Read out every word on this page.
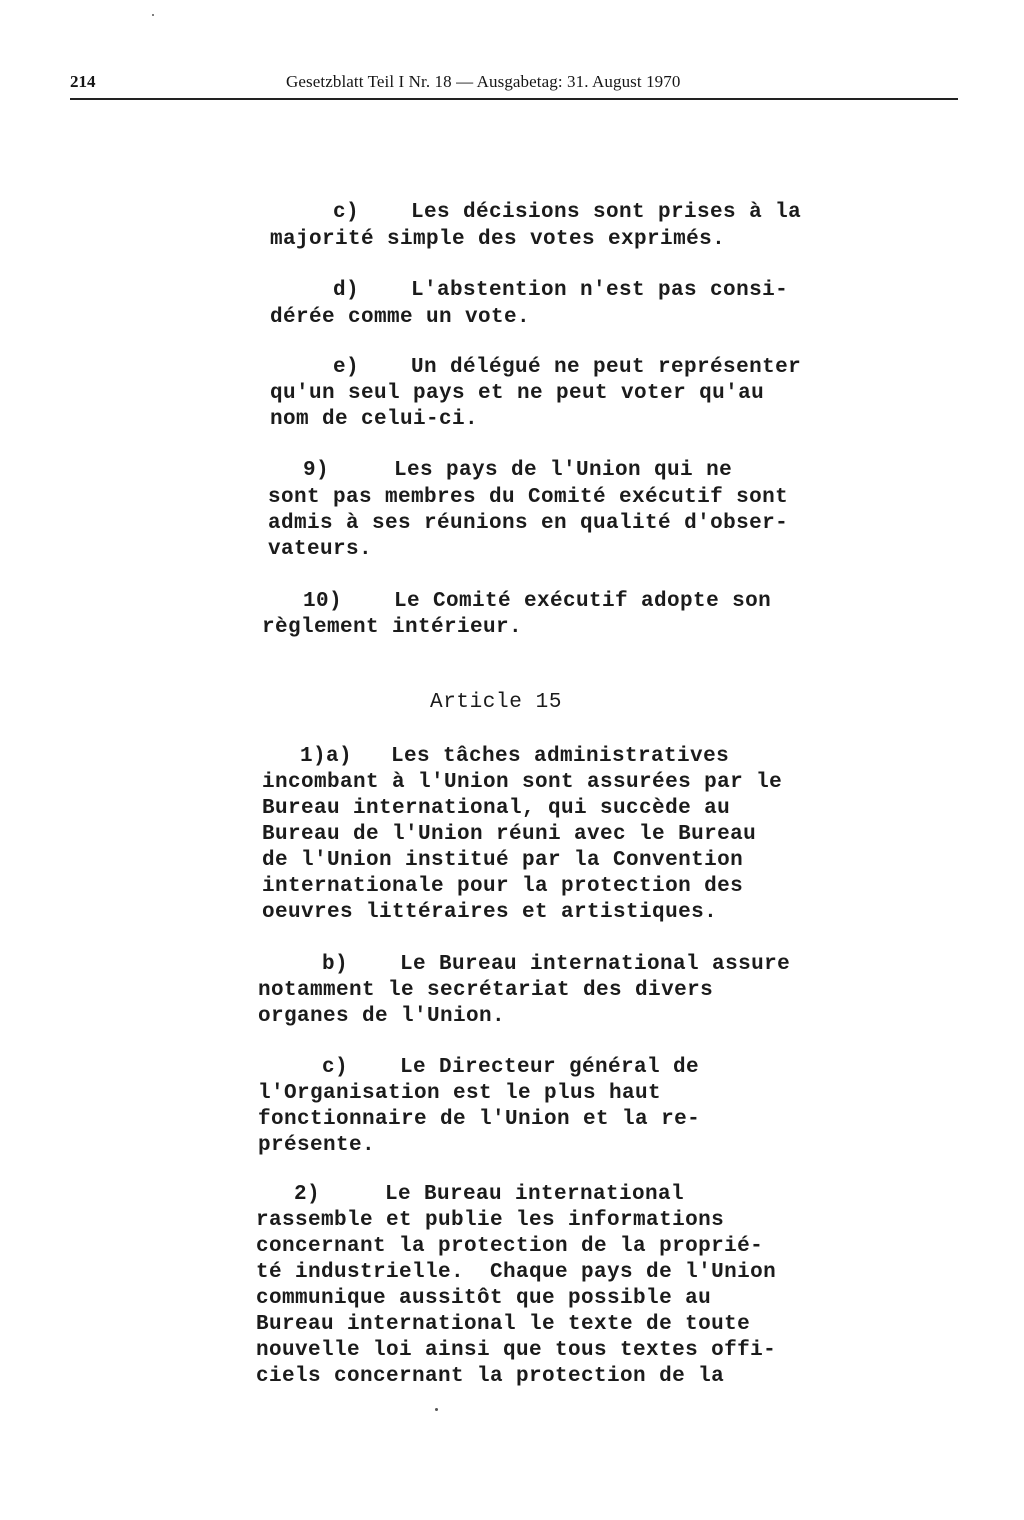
214	Gesetzblatt Teil I Nr. 18 — Ausgabetag: 31. August 1970
c)    Les décisions sont prises à la
majorité simple des votes exprimés.
d)    L'abstention n'est pas consi-
dérée comme un vote.
e)    Un délégué ne peut représenter
qu'un seul pays et ne peut voter qu'au
nom de celui-ci.
9)     Les pays de l'Union qui ne
sont pas membres du Comité exécutif sont
admis à ses réunions en qualité d'obser-
vateurs.
10)    Le Comité exécutif adopte son
règlement intérieur.
Article 15
1)a)   Les tâches administratives
incombant à l'Union sont assurées par le
Bureau international, qui succède au
Bureau de l'Union réuni avec le Bureau
de l'Union institué par la Convention
internationale pour la protection des
oeuvres littéraires et artistiques.
b)    Le Bureau international assure
notamment le secrétariat des divers
organes de l'Union.
c)    Le Directeur général de
l'Organisation est le plus haut
fonctionnaire de l'Union et la re-
présente.
2)     Le Bureau international
rassemble et publie les informations
concernant la protection de la proprié-
té industrielle.  Chaque pays de l'Union
communique aussitôt que possible au
Bureau international le texte de toute
nouvelle loi ainsi que tous textes offi-
ciels concernant la protection de la
